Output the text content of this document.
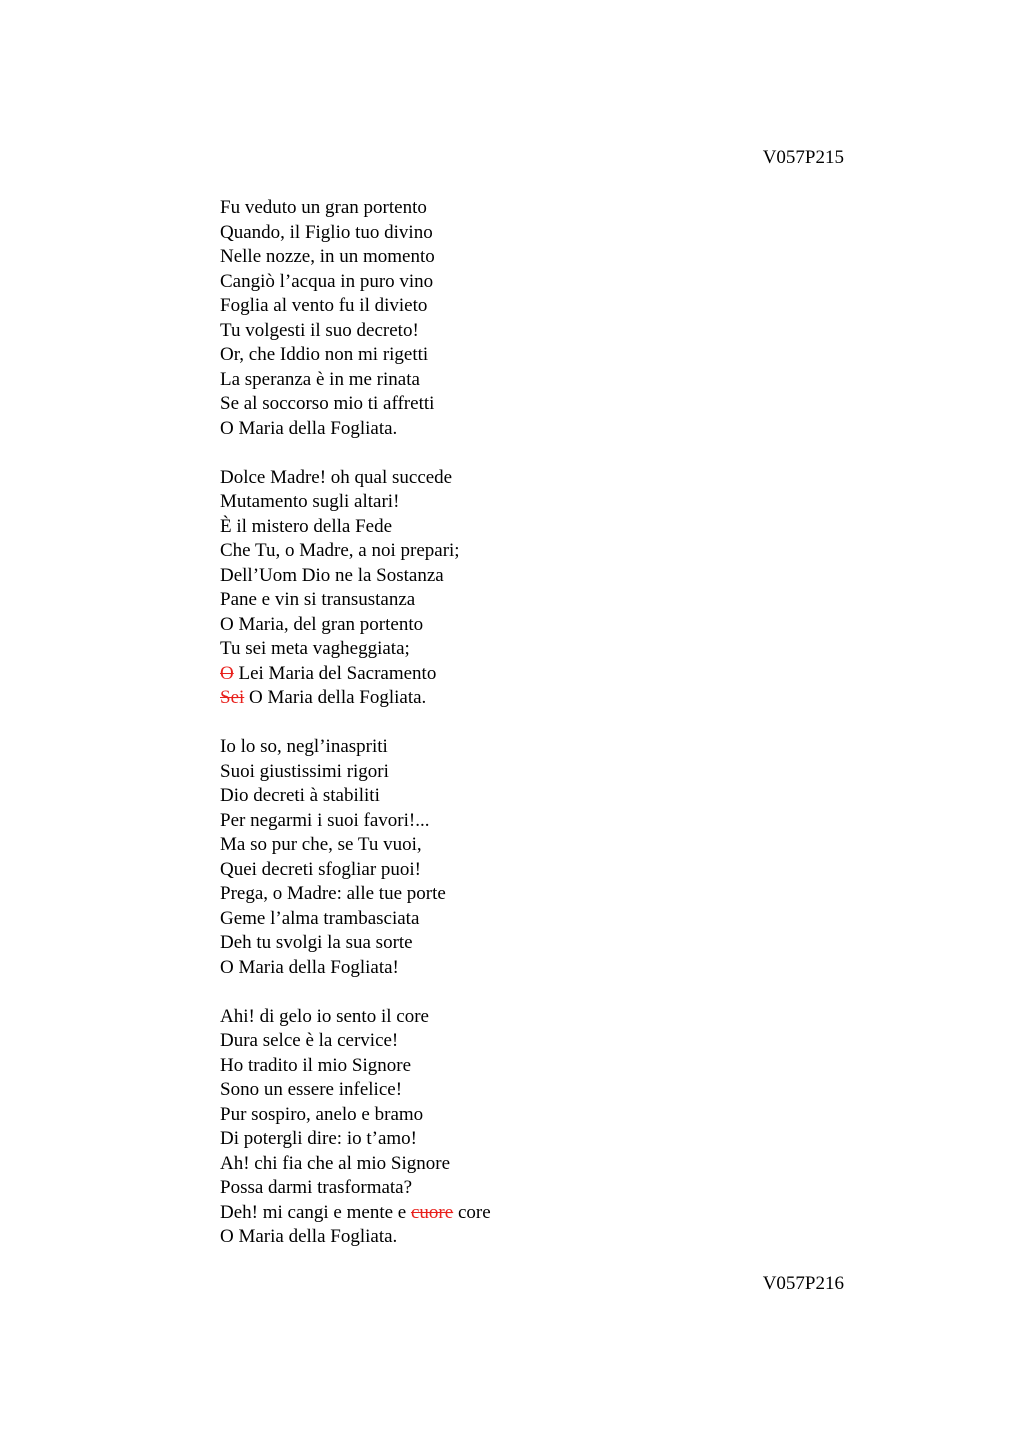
V057P215

Fu veduto un gran portento
Quando, il Figlio tuo divino
Nelle nozze, in un momento
Cangiò l’acqua in puro vino
Foglia al vento fu il divieto
Tu volgesti il suo decreto!
Or, che Iddio non mi rigetti
La speranza è in me rinata
Se al soccorso mio ti affretti
O Maria della Fogliata.
Dolce Madre! oh qual succede
Mutamento sugli altari!
È il mistero della Fede
Che Tu, o Madre, a noi prepari;
Dell’Uom Dio ne la Sostanza
Pane e vin si transustanza
O Maria, del gran portento
Tu sei meta vagheggiata;
O Lei Maria del Sacramento
Sei O Maria della Fogliata.
Io lo so, negl’inaspriti
Suoi giustissimi rigori
Dio decreti à stabiliti
Per negarmi i suoi favori!...
Ma so pur che, se Tu vuoi,
Quei decreti sfogliar puoi!
Prega, o Madre: alle tue porte
Geme l’alma trambasciata
Deh tu svolgi la sua sorte
O Maria della Fogliata!
Ahi! di gelo io sento il core
Dura selce è la cervice!
Ho tradito il mio Signore
Sono un essere infelice!
Pur sospiro, anelo e bramo
Di potergli dire: io t’amo!
Ah! chi fia che al mio Signore
Possa darmi trasformata?
Deh! mi cangi e mente e cuore core
O Maria della Fogliata.

V057P216
